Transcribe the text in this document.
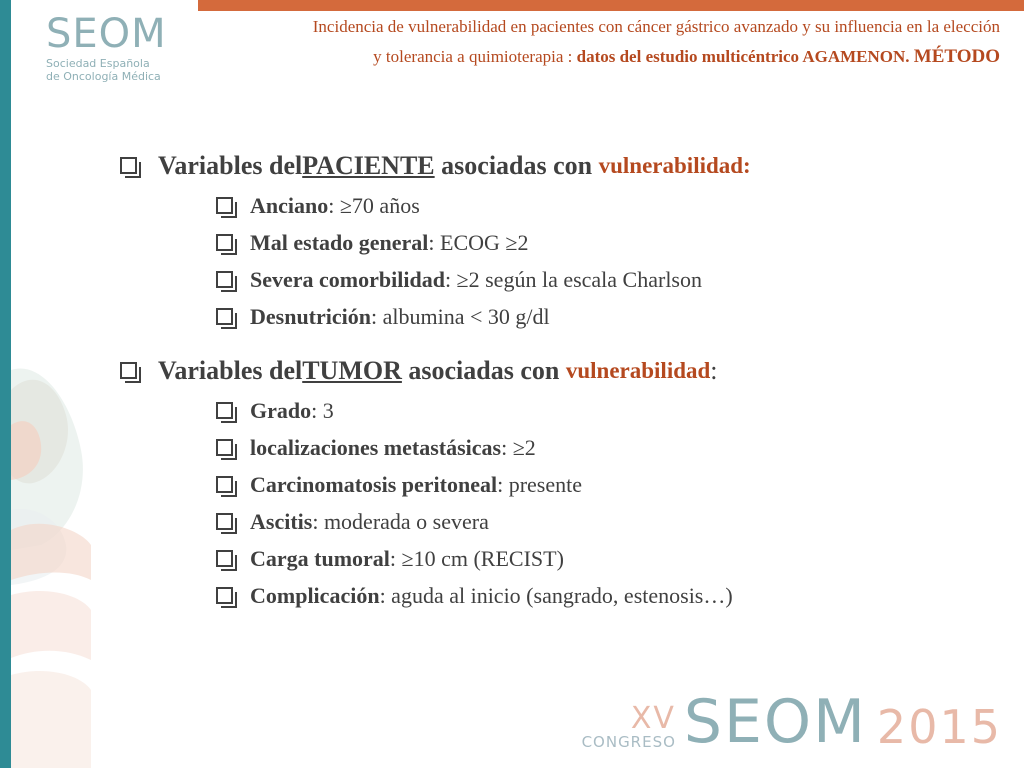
SEOM
Sociedad Española
de Oncología Médica
Incidencia de vulnerabilidad en pacientes con cáncer gástrico avanzado y su influencia en la elección
y tolerancia a quimioterapia : datos del estudio multicéntrico AGAMENON. MÉTODO
Variables del PACIENTE asociadas con vulnerabilidad:
Anciano : ≥70 años
Mal estado general : ECOG ≥2
Severa comorbilidad : ≥2 según la escala Charlson
Desnutrición : albumina < 30 g/dl
Variables del TUMOR asociadas con vulnerabilidad :
Grado : 3
localizaciones metastásicas : ≥2
Carcinomatosis peritoneal : presente
Ascitis : moderada o severa
Carga tumoral : ≥10 cm (RECIST)
Complicación : aguda al inicio (sangrado, estenosis…)
XV
CONGRESO SEOM 2015
